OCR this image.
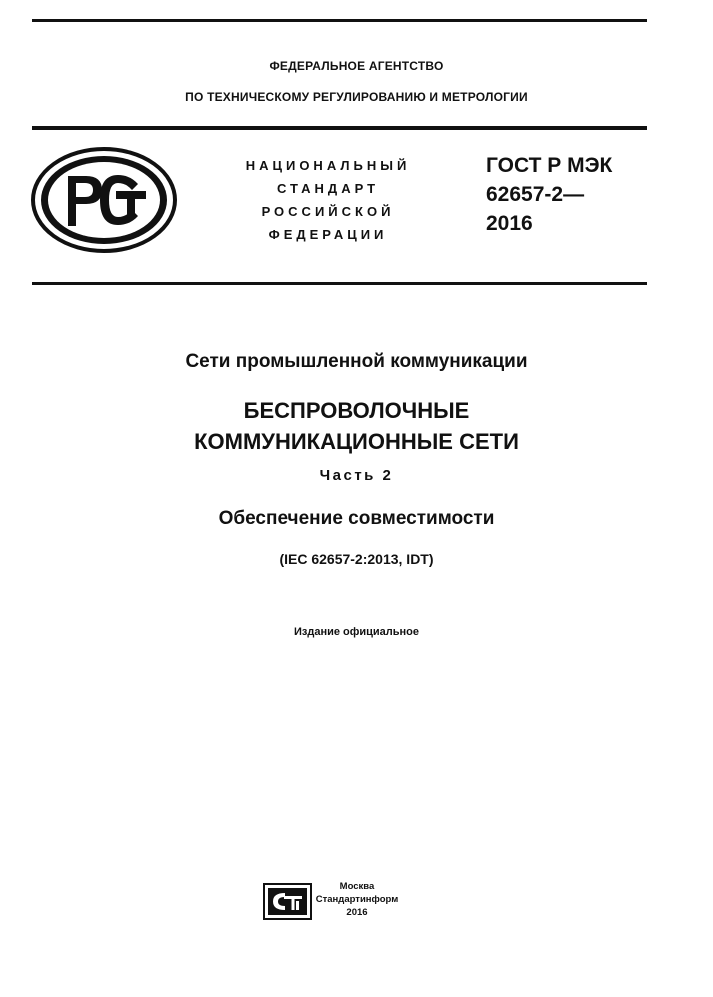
ФЕДЕРАЛЬНОЕ АГЕНТСТВО
ПО ТЕХНИЧЕСКОМУ РЕГУЛИРОВАНИЮ И МЕТРОЛОГИИ
НАЦИОНАЛЬНЫЙ
СТАНДАРТ
РОССИЙСКОЙ
ФЕДЕРАЦИИ
ГОСТ Р МЭК
62657-2—
2016
Сети промышленной коммуникации
БЕСПРОВОЛОЧНЫЕ
КОММУНИКАЦИОННЫЕ СЕТИ
Часть 2
Обеспечение совместимости
(IEC 62657-2:2013, IDT)
Издание официальное
Москва
Стандартинформ
2016
